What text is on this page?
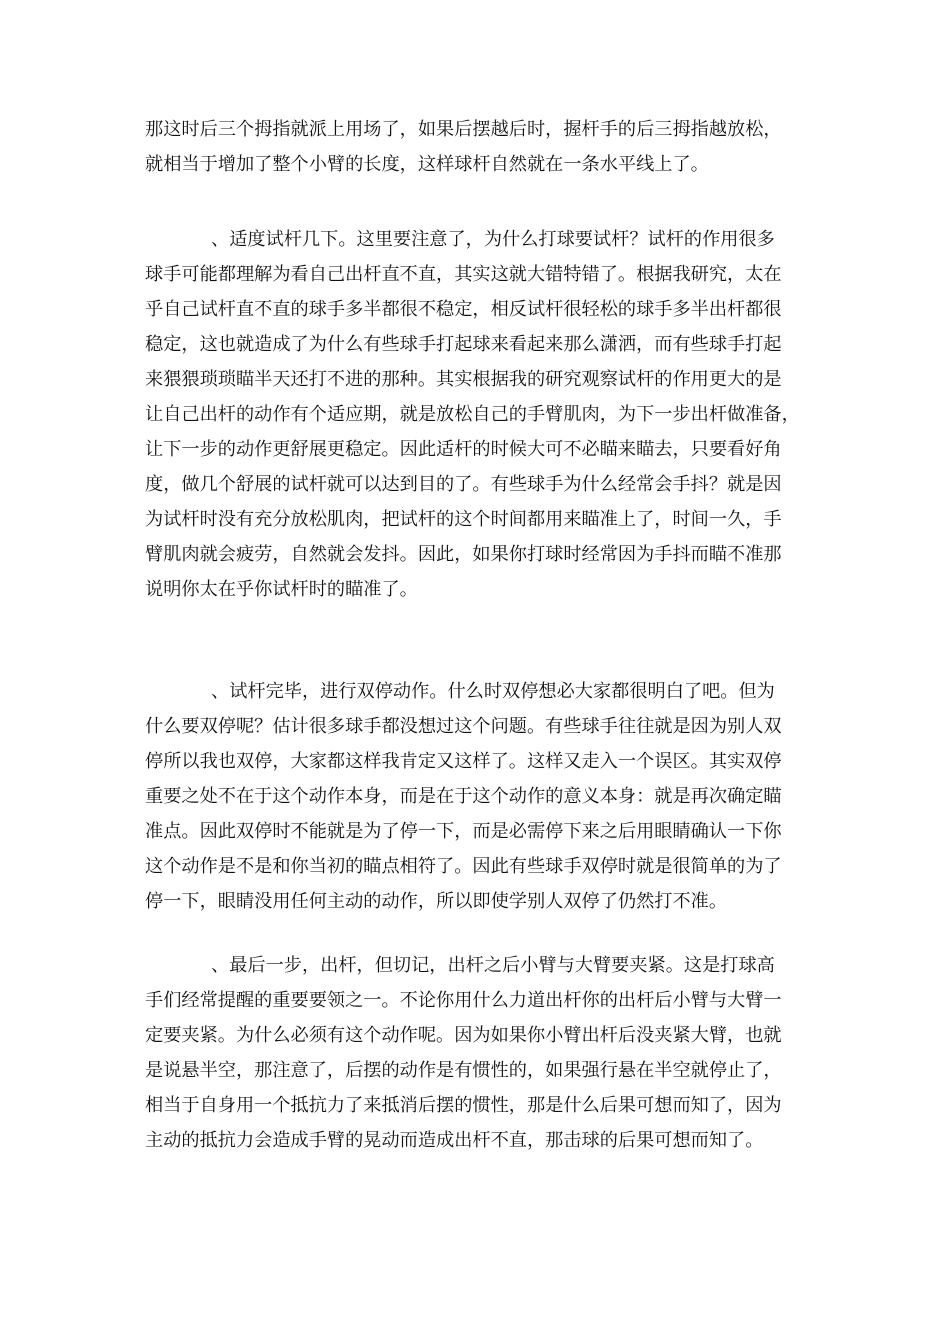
那这时后三个拇指就派上用场了，如果后摆越后时，握杆手的后三拇指越放松，
就相当于增加了整个小臂的长度，这样球杆自然就在一条水平线上了。
、适度试杆几下。这里要注意了，为什么打球要试杆？试杆的作用很多
球手可能都理解为看自己出杆直不直，其实这就大错特错了。根据我研究，太在
乎自己试杆直不直的球手多半都很不稳定，相反试杆很轻松的球手多半出杆都很
稳定，这也就造成了为什么有些球手打起球来看起来那么潇洒，而有些球手打起
来猥猥琐琐瞄半天还打不进的那种。其实根据我的研究观察试杆的作用更大的是
让自己出杆的动作有个适应期，就是放松自己的手臂肌肉，为下一步出杆做准备，
让下一步的动作更舒展更稳定。因此适杆的时候大可不必瞄来瞄去，只要看好角
度，做几个舒展的试杆就可以达到目的了。有些球手为什么经常会手抖？就是因
为试杆时没有充分放松肌肉，把试杆的这个时间都用来瞄准上了，时间一久，手
臂肌肉就会疲劳，自然就会发抖。因此，如果你打球时经常因为手抖而瞄不准那
说明你太在乎你试杆时的瞄准了。
、试杆完毕，进行双停动作。什么时双停想必大家都很明白了吧。但为
什么要双停呢？估计很多球手都没想过这个问题。有些球手往往就是因为别人双
停所以我也双停，大家都这样我肯定又这样了。这样又走入一个误区。其实双停
重要之处不在于这个动作本身，而是在于这个动作的意义本身：就是再次确定瞄
准点。因此双停时不能就是为了停一下，而是必需停下来之后用眼睛确认一下你
这个动作是不是和你当初的瞄点相符了。因此有些球手双停时就是很简单的为了
停一下，眼睛没用任何主动的动作，所以即使学别人双停了仍然打不准。
、最后一步，出杆，但切记，出杆之后小臂与大臂要夹紧。这是打球高
手们经常提醒的重要要领之一。不论你用什么力道出杆你的出杆后小臂与大臂一
定要夹紧。为什么必须有这个动作呢。因为如果你小臂出杆后没夹紧大臂，也就
是说悬半空，那注意了，后摆的动作是有惯性的，如果强行悬在半空就停止了，
相当于自身用一个抵抗力了来抵消后摆的惯性，那是什么后果可想而知了，因为
主动的抵抗力会造成手臂的晃动而造成出杆不直，那击球的后果可想而知了。
